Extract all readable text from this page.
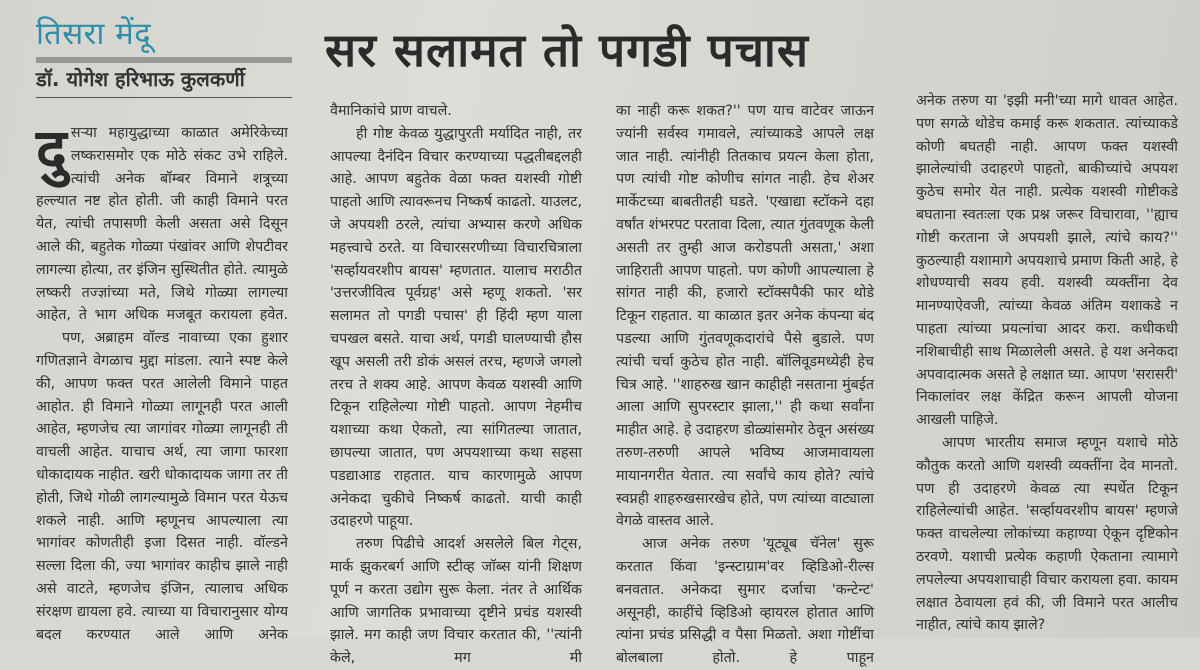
तिसरा मेंदू
डॉ. योगेश हरिभाऊ कुलकर्णी
सर सलामत तो पगडी पचास
दु सऱ्या महायुद्धाच्या काळात अमेरिकेच्या लष्करासमोर एक मोठे संकट उभे राहिले. त्यांची अनेक बॉम्बर विमाने शत्रूच्या हल्ल्यात नष्ट होत होती. जी काही विमाने परत येत, त्यांची तपासणी केली असता असे दिसून आले की, बहुतेक गोळ्या पंखांवर आणि शेपटीवर लागल्या होत्या, तर इंजिन सुस्थितीत होते. त्यामुळे लष्करी तज्ज्ञांच्या मते, जिथे गोळ्या लागल्या आहेत, ते भाग अधिक मजबूत करायला हवेत.

पण, अब्राहम वॉल्ड नावाच्या एका हुशार गणितज्ञाने वेगळाच मुद्दा मांडला. त्याने स्पष्ट केले की, आपण फक्त परत आलेली विमाने पाहत आहोत. ही विमाने गोळ्या लागूनही परत आली आहेत, म्हणजेच त्या जागांवर गोळ्या लागूनही ती वाचली आहेत. याचाच अर्थ, त्या जागा फारशा धोकादायक नाहीत. खरी धोकादायक जागा तर ती होती, जिथे गोळी लागल्यामुळे विमान परत येऊच शकले नाही. आणि म्हणूनच आपल्याला त्या भागांवर कोणतीही इजा दिसत नाही. वॉल्डने सल्ला दिला की, ज्या भागांवर काहीच झाले नाही असे वाटते, म्हणजेच इंजिन, त्यालाच अधिक संरक्षण द्यायला हवे. त्याच्या या विचारानुसार योग्य बदल करण्यात आले आणि अनेक

वैमानिकांचे प्राण वाचले.

ही गोष्ट केवळ युद्धापुरती मर्यादित नाही, तर आपल्या दैनंदिन विचार करण्याच्या पद्धतीबद्दलही आहे. आपण बहुतेक वेळा फक्त यशस्वी गोष्टी पाहतो आणि त्यावरूनच निष्कर्ष काढतो. याउलट, जे अपयशी ठरले, त्यांचा अभ्यास करणे अधिक महत्त्वाचे ठरते. या विचारसरणीच्या विचारचित्राला 'सर्व्हायवरशीप बायस' म्हणतात. यालाच मराठीत 'उत्तरजीवित्व पूर्वग्रह' असे म्हणू शकतो. 'सर सलामत तो पगडी पचास' ही हिंदी म्हण याला चपखल बसते. याचा अर्थ, पगडी घालण्याची हौस खूप असली तरी डोकं असलं तरच, म्हणजे जगलो तरच ते शक्य आहे. आपण केवळ यशस्वी आणि टिकून राहिलेल्या गोष्टी पाहतो. आपण नेहमीच यशाच्या कथा ऐकतो, त्या सांगितल्या जातात, छापल्या जातात, पण अपयशाच्या कथा सहसा पडद्याआड राहतात. याच कारणामुळे आपण अनेकदा चुकीचे निष्कर्ष काढतो. याची काही उदाहरणे पाहूया.

तरुण पिढीचे आदर्श असलेले बिल गेट्स, मार्क झुकरबर्ग आणि स्टीव्ह जॉब्स यांनी शिक्षण पूर्ण न करता उद्योग सुरू केला. नंतर ते आर्थिक आणि जागतिक प्रभावाच्या दृष्टीने प्रचंड यशस्वी झाले. मग काही जण विचार करतात की, ''त्यांनी केले, मग मी

का नाही करू शकत?'' पण याच वाटेवर जाऊन ज्यांनी सर्वस्व गमावले, त्यांच्याकडे आपले लक्ष जात नाही. त्यांनीही तितकाच प्रयत्न केला होता, पण त्यांची गोष्ट कोणीच सांगत नाही. हेच शेअर मार्केटच्या बाबतीतही घडते. 'एखाद्या स्टॉकने दहा वर्षांत शंभरपट परतावा दिला, त्यात गुंतवणूक केली असती तर तुम्ही आज करोडपती असता,' अशा जाहिराती आपण पाहतो. पण कोणी आपल्याला हे सांगत नाही की, हजारो स्टॉक्सपैकी फार थोडे टिकून राहतात. या काळात इतर अनेक कंपन्या बंद पडल्या आणि गुंतवणूकदारांचे पैसे बुडाले. पण त्यांची चर्चा कुठेच होत नाही. बॉलिवूडमध्येही हेच चित्र आहे. ''शाहरुख खान काहीही नसताना मुंबईत आला आणि सुपरस्टार झाला,'' ही कथा सर्वांना माहीत आहे. हे उदाहरण डोळ्यांसमोर ठेवून असंख्य तरुण-तरुणी आपले भविष्य आजमावायला मायानगरीत येतात. त्या सर्वांचे काय होते? त्यांचे स्वप्नही शाहरुखसारखेच होते, पण त्यांच्या वाट्याला वेगळे वास्तव आले.

आज अनेक तरुण 'यूट्यूब चॅनेल' सुरू करतात किंवा 'इन्स्टाग्राम'वर व्हिडिओ-रील्स बनवतात. अनेकदा सुमार दर्जाचा 'कन्टेन्ट' असूनही, काहींचे व्हिडिओ व्हायरल होतात आणि त्यांना प्रचंड प्रसिद्धी व पैसा मिळतो. अशा गोष्टींचा बोलबाला होतो. हे पाहून

अनेक तरुण या 'इझी मनी'च्या मागे धावत आहेत. पण सगळे थोडेच कमाई करू शकतात. त्यांच्याकडे कोणी बघतही नाही. आपण फक्त यशस्वी झालेल्यांची उदाहरणे पाहतो, बाकीच्यांचे अपयश कुठेच समोर येत नाही. प्रत्येक यशस्वी गोष्टीकडे बघताना स्वतःला एक प्रश्न जरूर विचारावा, ''ह्याच गोष्टी करताना जे अपयशी झाले, त्यांचे काय?'' कुठल्याही यशामागे अपयशाचे प्रमाण किती आहे, हे शोधण्याची सवय हवी. यशस्वी व्यक्तींना देव मानण्याऐवजी, त्यांच्या केवळ अंतिम यशाकडे न पाहता त्यांच्या प्रयत्नांचा आदर करा. कधीकधी नशिबाचीही साथ मिळालेली असते. हे यश अनेकदा अपवादात्मक असते हे लक्षात घ्या. आपण 'सरासरी' निकालांवर लक्ष केंद्रित करून आपली योजना आखली पाहिजे.

आपण भारतीय समाज म्हणून यशाचे मोठे कौतुक करतो आणि यशस्वी व्यक्तींना देव मानतो. पण ही उदाहरणे केवळ त्या स्पर्धेत टिकून राहिलेल्यांची आहेत. 'सर्व्हायवरशीप बायस' म्हणजे फक्त वाचलेल्या लोकांच्या कहाण्या ऐकून दृष्टिकोन ठरवणे. यशाची प्रत्येक कहाणी ऐकताना त्यामागे लपलेल्या अपयशाचाही विचार करायला हवा. कायम लक्षात ठेवायला हवं की, जी विमाने परत आलीच नाहीत, त्यांचे काय झाले?
